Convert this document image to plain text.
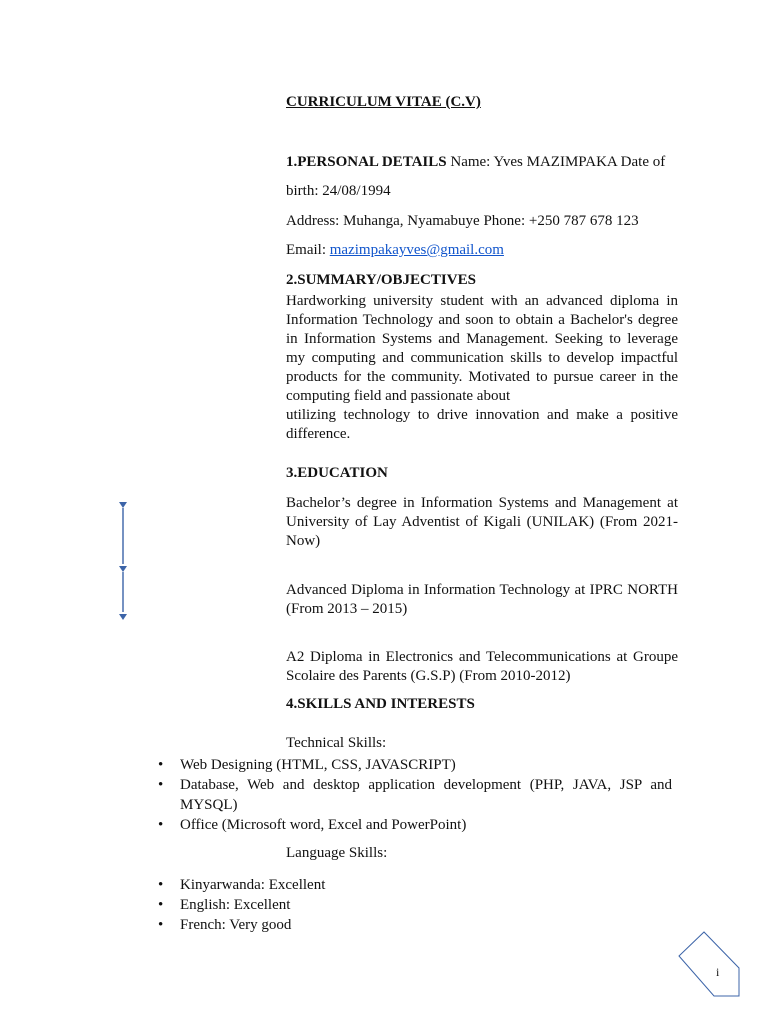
CURRICULUM VITAE (C.V)
1.PERSONAL DETAILS Name: Yves MAZIMPAKA Date of
birth: 24/08/1994
Address: Muhanga, Nyamabuye Phone: +250 787 678 123
Email: mazimpakayves@gmail.com
2.SUMMARY/OBJECTIVES

Hardworking university student with an advanced diploma in Information Technology and soon to obtain a Bachelor's degree in Information Systems and Management. Seeking to leverage my computing and communication skills to develop impactful products for the community. Motivated to pursue career in the computing field and passionate about

utilizing technology to drive innovation and make a positive difference.

3.EDUCATION
Bachelor’s degree in Information Systems and Management at University of Lay Adventist of Kigali (UNILAK) (From 2021- Now)
Advanced Diploma in Information Technology at IPRC NORTH (From 2013 – 2015)
A2 Diploma in Electronics and Telecommunications at Groupe Scolaire des Parents (G.S.P) (From 2010-2012)
4.SKILLS AND INTERESTS
Technical Skills:
• Web Designing (HTML, CSS, JAVASCRIPT)
• Database, Web and desktop application development (PHP, JAVA, JSP and MYSQL)
• Office (Microsoft word, Excel and PowerPoint)
Language Skills:
• Kinyarwanda: Excellent
• English: Excellent
• French: Very good
i
